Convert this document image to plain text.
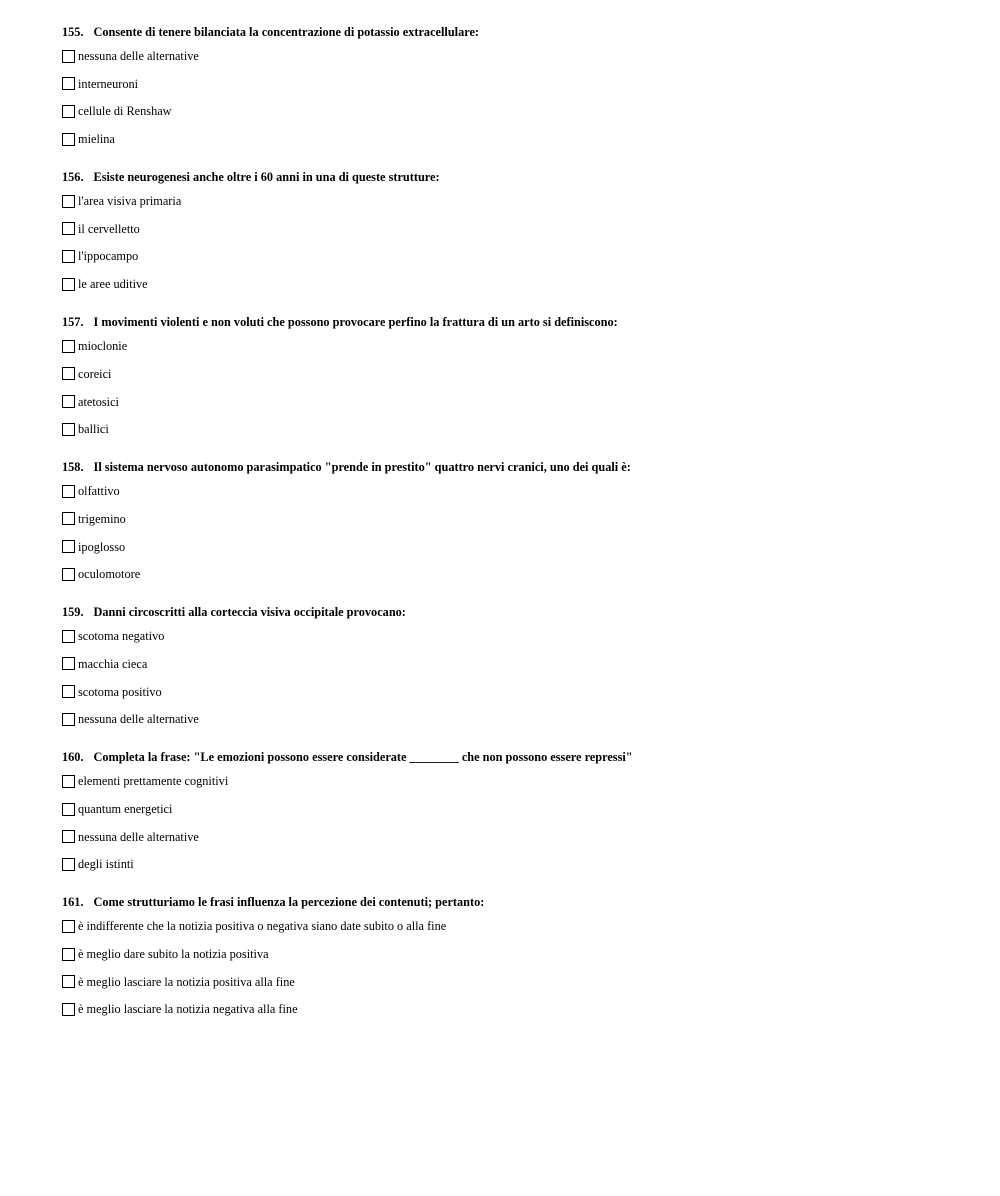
155. Consente di tenere bilanciata la concentrazione di potassio extracellulare:
nessuna delle alternative
interneuroni
cellule di Renshaw
mielina
156. Esiste neurogenesi anche oltre i 60 anni in una di queste strutture:
l'area visiva primaria
il cervelletto
l'ippocampo
le aree uditive
157. I movimenti violenti e non voluti che possono provocare perfino la frattura di un arto si definiscono:
mioclonie
coreici
atetosici
ballici
158. Il sistema nervoso autonomo parasimpatico "prende in prestito" quattro nervi cranici, uno dei quali è:
olfattivo
trigemino
ipoglosso
oculomotore
159. Danni circoscritti alla corteccia visiva occipitale provocano:
scotoma negativo
macchia cieca
scotoma positivo
nessuna delle alternative
160. Completa la frase: "Le emozioni possono essere considerate ________ che non possono essere repressi"
elementi prettamente cognitivi
quantum energetici
nessuna delle alternative
degli istinti
161. Come strutturiamo le frasi influenza la percezione dei contenuti; pertanto:
è indifferente che la notizia positiva o negativa siano date subito o alla fine
è meglio dare subito la notizia positiva
è meglio lasciare la notizia positiva alla fine
è meglio lasciare la notizia negativa alla fine
